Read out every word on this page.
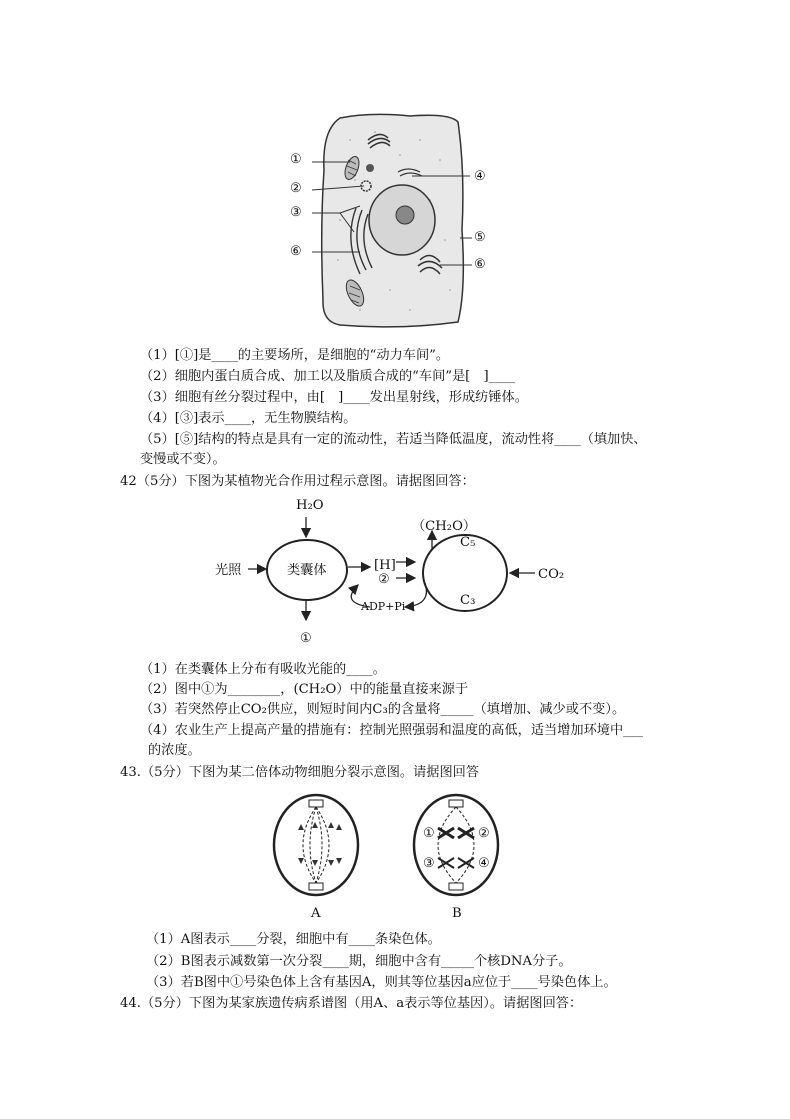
①
②
③
⑥
④
⑤
⑥
（1）[①]是____的主要场所，是细胞的“动力车间”。
（2）细胞内蛋白质合成、加工以及脂质合成的“车间”是[　]____
（3）细胞有丝分裂过程中，由[　]____发出星射线，形成纺锤体。
（4）[③]表示____，无生物膜结构。
（5）[⑤]结构的特点是具有一定的流动性，若适当降低温度，流动性将____（填加快、
变慢或不变）。
42（5分）下图为某植物光合作用过程示意图。请据图回答：
H₂O
光照	类囊体	[H]
②
ADP+Pi
①
（CH₂O）
C₅
C₃
CO₂
（1）在类囊体上分布有吸收光能的____。
（2）图中①为________，(CH₂O）中的能量直接来源于
（3）若突然停止CO₂供应，则短时间内C₃的含量将_____（填增加、减少或不变）。
（4）农业生产上提高产量的措施有：控制光照强弱和温度的高低，适当增加环境中___
的浓度。
43.（5分）下图为某二倍体动物细胞分裂示意图。请据图回答
①	②
③	④
A	B
（1）A图表示____分裂，细胞中有____条染色体。
（2）B图表示减数第一次分裂____期，细胞中含有_____个核DNA分子。
（3）若B图中①号染色体上含有基因A，则其等位基因a应位于____号染色体上。
44.（5分）下图为某家族遗传病系谱图（用A、a表示等位基因）。请据图回答：
